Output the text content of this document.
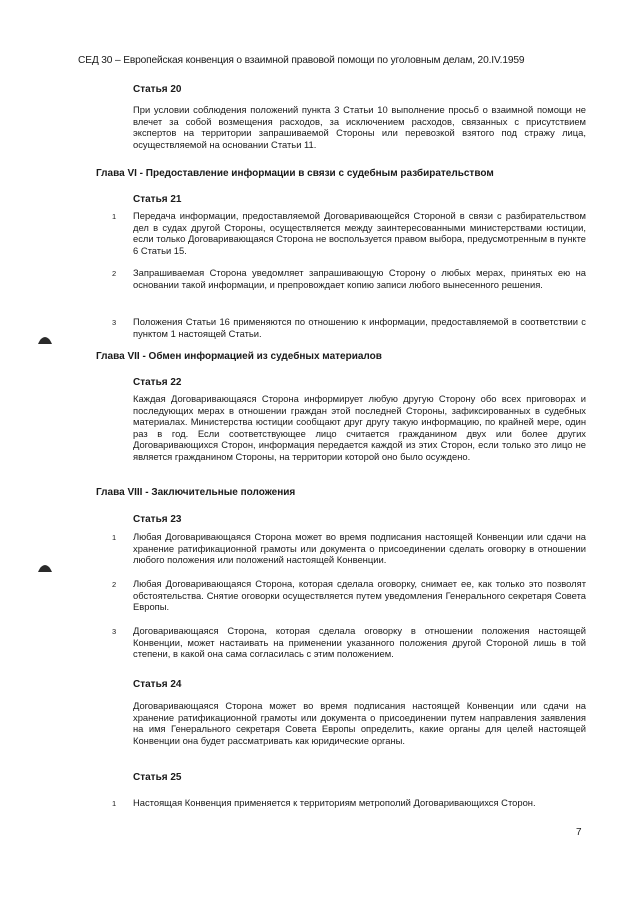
СЕД 30 – Европейская конвенция о взаимной правовой помощи по уголовным делам, 20.IV.1959
Статья 20
При условии соблюдения положений пункта 3 Статьи 10 выполнение просьб о взаимной помощи не влечет за собой возмещения расходов, за исключением расходов, связанных с присутствием экспертов на территории запрашиваемой Стороны или перевозкой взятого под стражу лица, осуществляемой на основании Статьи 11.
Глава VI - Предоставление информации в связи с судебным разбирательством
Статья 21
1 Передача информации, предоставляемой Договаривающейся Стороной в связи с разбирательством дел в судах другой Стороны, осуществляется между заинтересованными министерствами юстиции, если только Договаривающаяся Сторона не воспользуется правом выбора, предусмотренным в пункте 6 Статьи 15.
2 Запрашиваемая Сторона уведомляет запрашивающую Сторону о любых мерах, принятых ею на основании такой информации, и препровождает копию записи любого вынесенного решения.
3 Положения Статьи 16 применяются по отношению к информации, предоставляемой в соответствии с пунктом 1 настоящей Статьи.
Глава VII - Обмен информацией из судебных материалов
Статья 22
Каждая Договаривающаяся Сторона информирует любую другую Сторону обо всех приговорах и последующих мерах в отношении граждан этой последней Стороны, зафиксированных в судебных материалах. Министерства юстиции сообщают друг другу такую информацию, по крайней мере, один раз в год. Если соответствующее лицо считается гражданином двух или более других Договаривающихся Сторон, информация передается каждой из этих Сторон, если только это лицо не является гражданином Стороны, на территории которой оно было осуждено.
Глава VIII - Заключительные положения
Статья 23
1 Любая Договаривающаяся Сторона может во время подписания настоящей Конвенции или сдачи на хранение ратификационной грамоты или документа о присоединении сделать оговорку в отношении любого положения или положений настоящей Конвенции.
2 Любая Договаривающаяся Сторона, которая сделала оговорку, снимает ее, как только это позволят обстоятельства. Снятие оговорки осуществляется путем уведомления Генерального секретаря Совета Европы.
3 Договаривающаяся Сторона, которая сделала оговорку в отношении положения настоящей Конвенции, может настаивать на применении указанного положения другой Стороной лишь в той степени, в какой она сама согласилась с этим положением.
Статья 24
Договаривающаяся Сторона может во время подписания настоящей Конвенции или сдачи на хранение ратификационной грамоты или документа о присоединении путем направления заявления на имя Генерального секретаря Совета Европы определить, какие органы для целей настоящей Конвенции она будет рассматривать как юридические органы.
Статья 25
1 Настоящая Конвенция применяется к территориям метрополий Договаривающихся Сторон.
7
